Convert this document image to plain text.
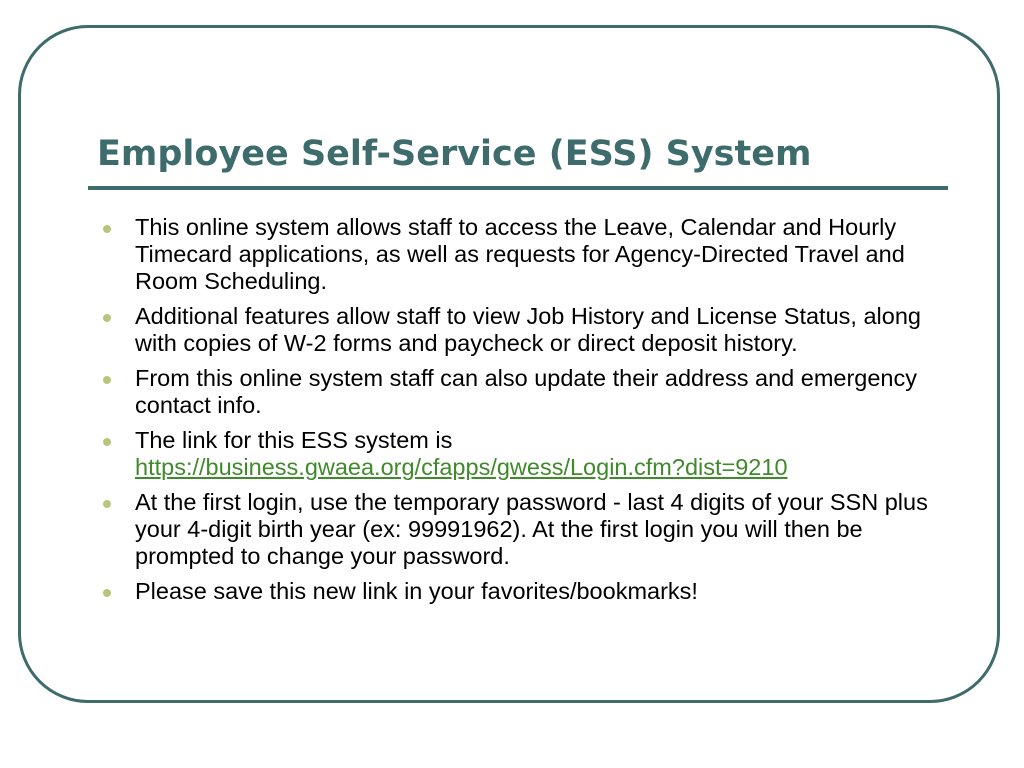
Employee Self-Service (ESS) System
This online system allows staff to access the Leave, Calendar and Hourly Timecard applications, as well as requests for Agency-Directed Travel and Room Scheduling.
Additional features allow staff to view Job History and License Status, along with copies of W-2 forms and paycheck or direct deposit history.
From this online system staff can also update their address and emergency contact info.
The link for this ESS system is
https://business.gwaea.org/cfapps/gwess/Login.cfm?dist=9210
At the first login, use the temporary password - last 4 digits of your SSN plus your 4-digit birth year (ex: 99991962). At the first login you will then be prompted to change your password.
Please save this new link in your favorites/bookmarks!
